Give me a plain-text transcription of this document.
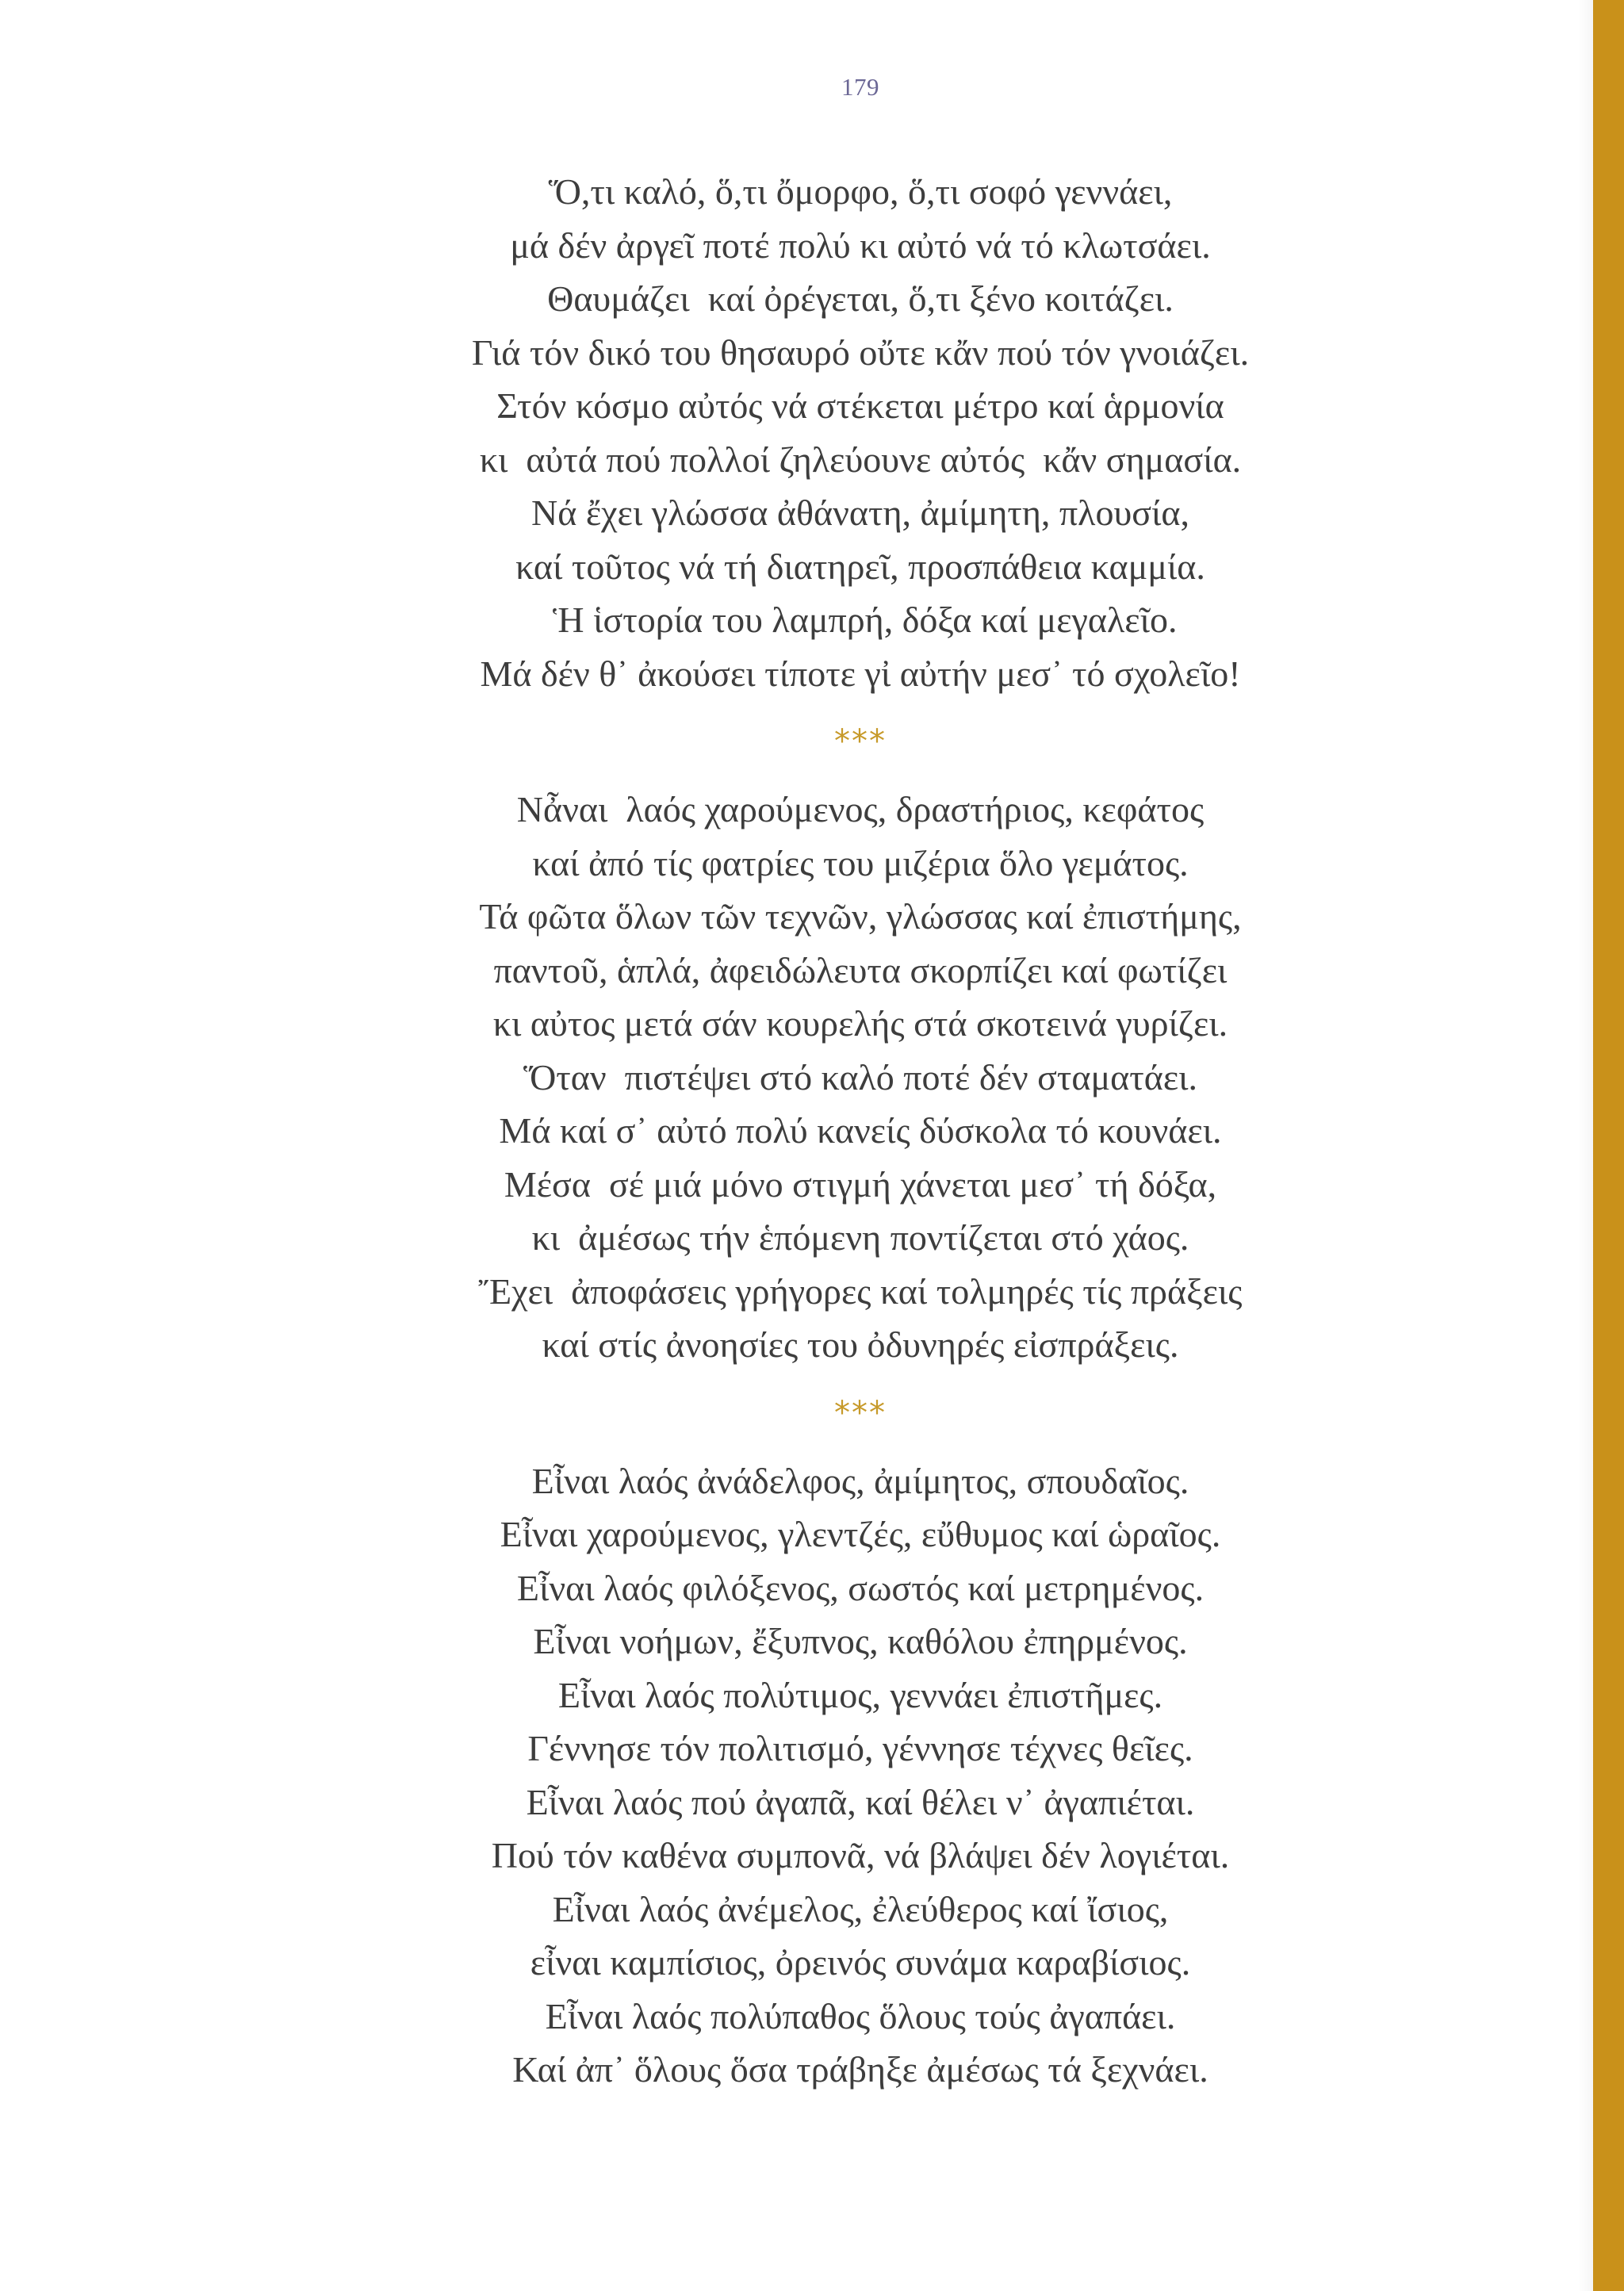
179
Ὅ,τι καλό, ὅ,τι ὄμορφο, ὅ,τι σοφό γεννάει,
μά δέν ἀργεῖ ποτέ πολύ κι αὐτό νά τό κλωτσάει.
Θαυμάζει  καί ὀρέγεται, ὅ,τι ξένο κοιτάζει.
Γιά τόν δικό του θησαυρό οὔτε κἄν πού τόν γνοιάζει.
Στόν κόσμο αὐτός νά στέκεται μέτρο καί ἁρμονία
κι  αὐτά πού πολλοί ζηλεύουνε αὐτός  κἄν σημασία.
Νά ἔχει γλώσσα ἀθάνατη, ἀμίμητη, πλουσία,
καί τοῦτος νά τή διατηρεῖ, προσπάθεια καμμία.
Ἡ ἱστορία του λαμπρή, δόξα καί μεγαλεῖο.
Μά δέν θ᾽ ἀκούσει τίποτε γἰ αὐτήν μεσ᾽ τό σχολεῖο!
***
Νἆναι  λαός χαρούμενος, δραστήριος, κεφάτος
καί ἀπό τίς φατρίες του μιζέρια ὅλο γεμάτος.
Τά φῶτα ὅλων τῶν τεχνῶν, γλώσσας καί ἐπιστήμης,
παντοῦ, ἁπλά, ἀφειδώλευτα σκορπίζει καί φωτίζει
κι αὐτος μετά σάν κουρελής στά σκοτεινά γυρίζει.
Ὅταν  πιστέψει στό καλό ποτέ δέν σταματάει.
Μά καί σ᾽ αὐτό πολύ κανείς δύσκολα τό κουνάει.
Μέσα  σέ μιά μόνο στιγμή χάνεται μεσ᾽ τή δόξα,
κι  ἀμέσως τήν ἑπόμενη ποντίζεται στό χάος.
Ἔχει  ἀποφάσεις γρήγορες καί τολμηρές τίς πράξεις
καί στίς ἀνοησίες του ὀδυνηρές εἰσπράξεις.
***
Εἶναι λαός ἀνάδελφος, ἀμίμητος, σπουδαῖος.
Εἶναι χαρούμενος, γλεντζές, εὔθυμος καί ὡραῖος.
Εἶναι λαός φιλόξενος, σωστός καί μετρημένος.
Εἶναι νοήμων, ἔξυπνος, καθόλου ἐπηρμένος.
Εἶναι λαός πολύτιμος, γεννάει ἐπιστῆμες.
Γέννησε τόν πολιτισμό, γέννησε τέχνες θεῖες.
Εἶναι λαός πού ἀγαπᾶ, καί θέλει ν᾽ ἀγαπιέται.
Πού τόν καθένα συμπονᾶ, νά βλάψει δέν λογιέται.
Εἶναι λαός ἀνέμελος, ἐλεύθερος καί ἴσιος,
εἶναι καμπίσιος, ὀρεινός συνάμα καραβίσιος.
Εἶναι λαός πολύπαθος ὅλους τούς ἀγαπάει.
Καί ἀπ᾽ ὅλους ὅσα τράβηξε ἀμέσως τά ξεχνάει.
